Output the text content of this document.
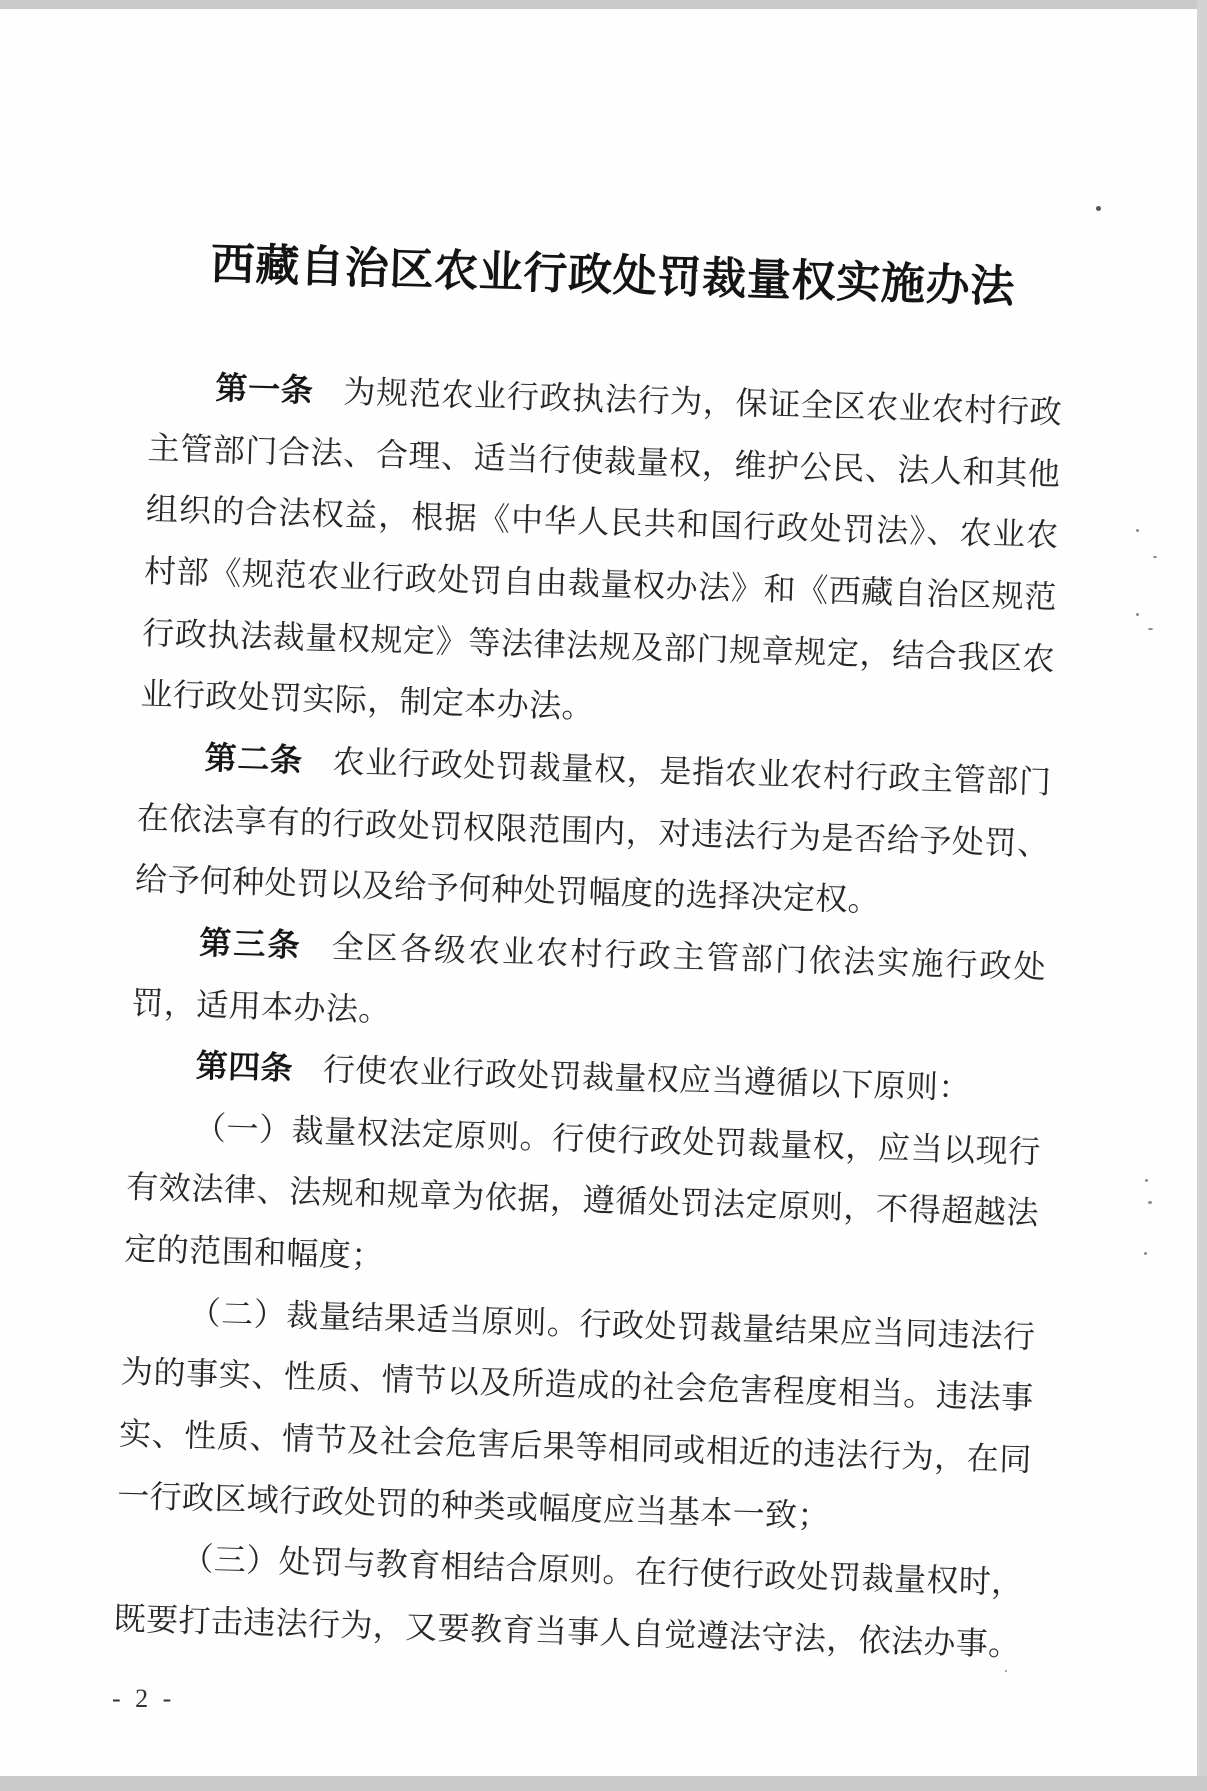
西藏自治区农业行政处罚裁量权实施办法
第一条 为规范农业行政执法行为，保证全区农业农村行政
主管部门合法、合理、适当行使裁量权，维护公民、法人和其他
组织的合法权益，根据《中华人民共和国行政处罚法》、农业农
村部《规范农业行政处罚自由裁量权办法》和《西藏自治区规范
行政执法裁量权规定》等法律法规及部门规章规定，结合我区农
业行政处罚实际，制定本办法。
第二条 农业行政处罚裁量权，是指农业农村行政主管部门
在依法享有的行政处罚权限范围内，对违法行为是否给予处罚、
给予何种处罚以及给予何种处罚幅度的选择决定权。
第三条 全区各级农业农村行政主管部门依法实施行政处
罚，适用本办法。
第四条 行使农业行政处罚裁量权应当遵循以下原则：
（一）裁量权法定原则。行使行政处罚裁量权，应当以现行
有效法律、法规和规章为依据，遵循处罚法定原则，不得超越法
定的范围和幅度；
（二）裁量结果适当原则。行政处罚裁量结果应当同违法行
为的事实、性质、情节以及所造成的社会危害程度相当。违法事
实、性质、情节及社会危害后果等相同或相近的违法行为，在同
一行政区域行政处罚的种类或幅度应当基本一致；
（三）处罚与教育相结合原则。在行使行政处罚裁量权时，
既要打击违法行为，又要教育当事人自觉遵法守法，依法办事。
- 2 -
